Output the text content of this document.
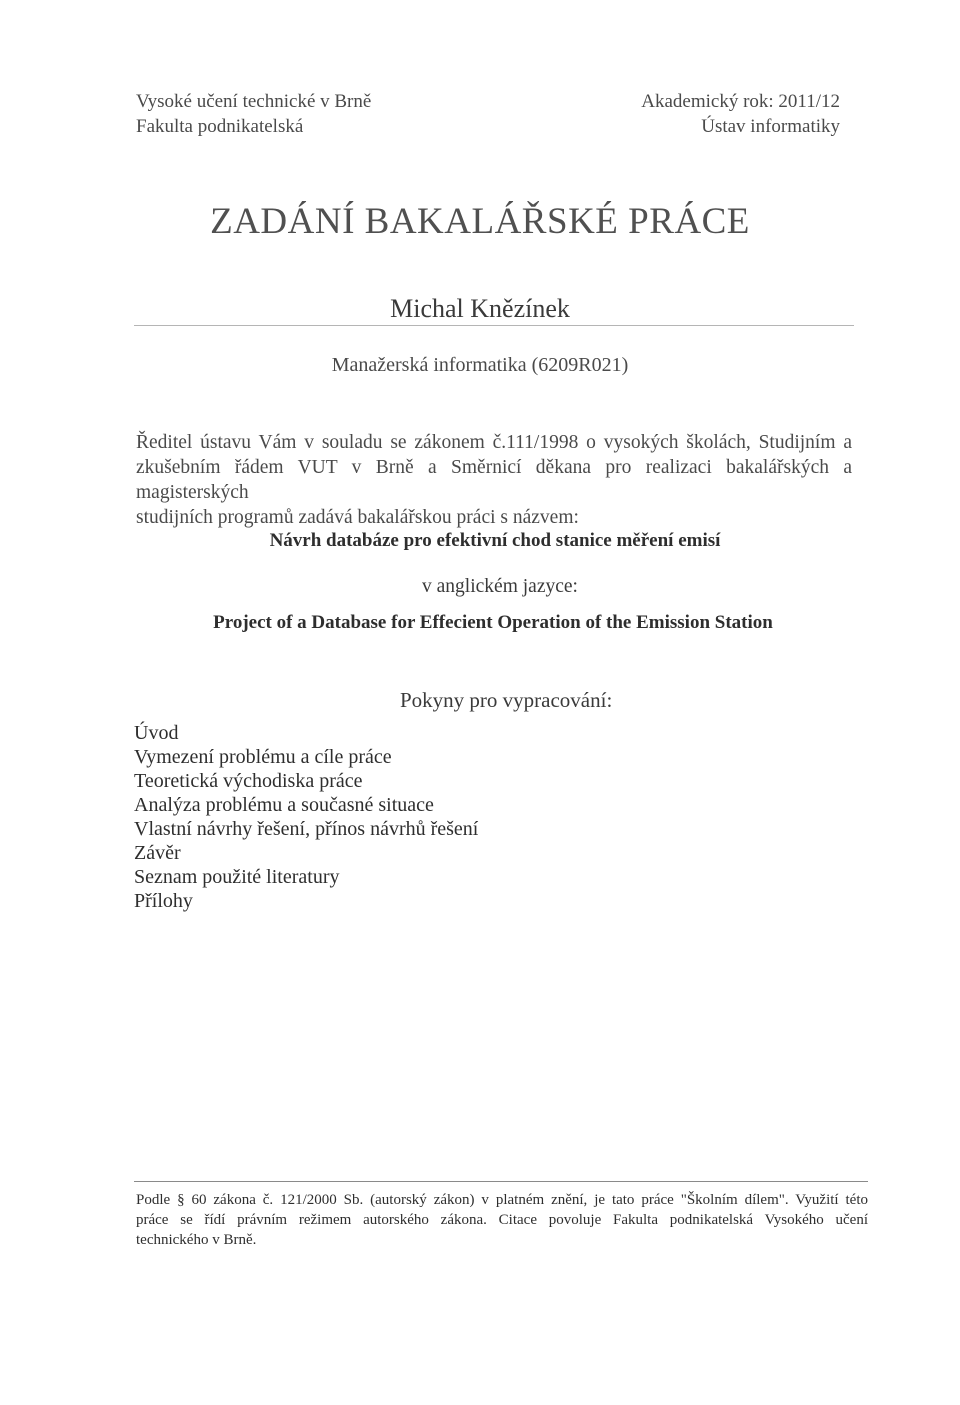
Vysoké učení technické v Brně
Fakulta podnikatelská
Akademický rok: 2011/12
Ústav informatiky
ZADÁNÍ BAKALÁŘSKÉ PRÁCE
Michal Knězínek
Manažerská informatika (6209R021)
Ředitel ústavu Vám v souladu se zákonem č.111/1998 o vysokých školách, Studijním a
zkušebním řádem VUT v Brně a Směrnicí děkana pro realizaci bakalářských a magisterských
studijních programů zadává bakalářskou práci s názvem:
Návrh databáze pro efektivní chod stanice měření emisí
v anglickém jazyce:
Project of a Database for Effecient Operation of the Emission Station
Pokyny pro vypracování:
Úvod
Vymezení problému a cíle práce
Teoretická východiska práce
Analýza problému a současné situace
Vlastní návrhy řešení, přínos návrhů řešení
Závěr
Seznam použité literatury
Přílohy
Podle § 60 zákona č. 121/2000 Sb. (autorský zákon) v platném znění, je tato práce "Školním dílem". Využití této
práce se řídí právním režimem autorského zákona. Citace povoluje Fakulta podnikatelská Vysokého učení
technického v Brně.
